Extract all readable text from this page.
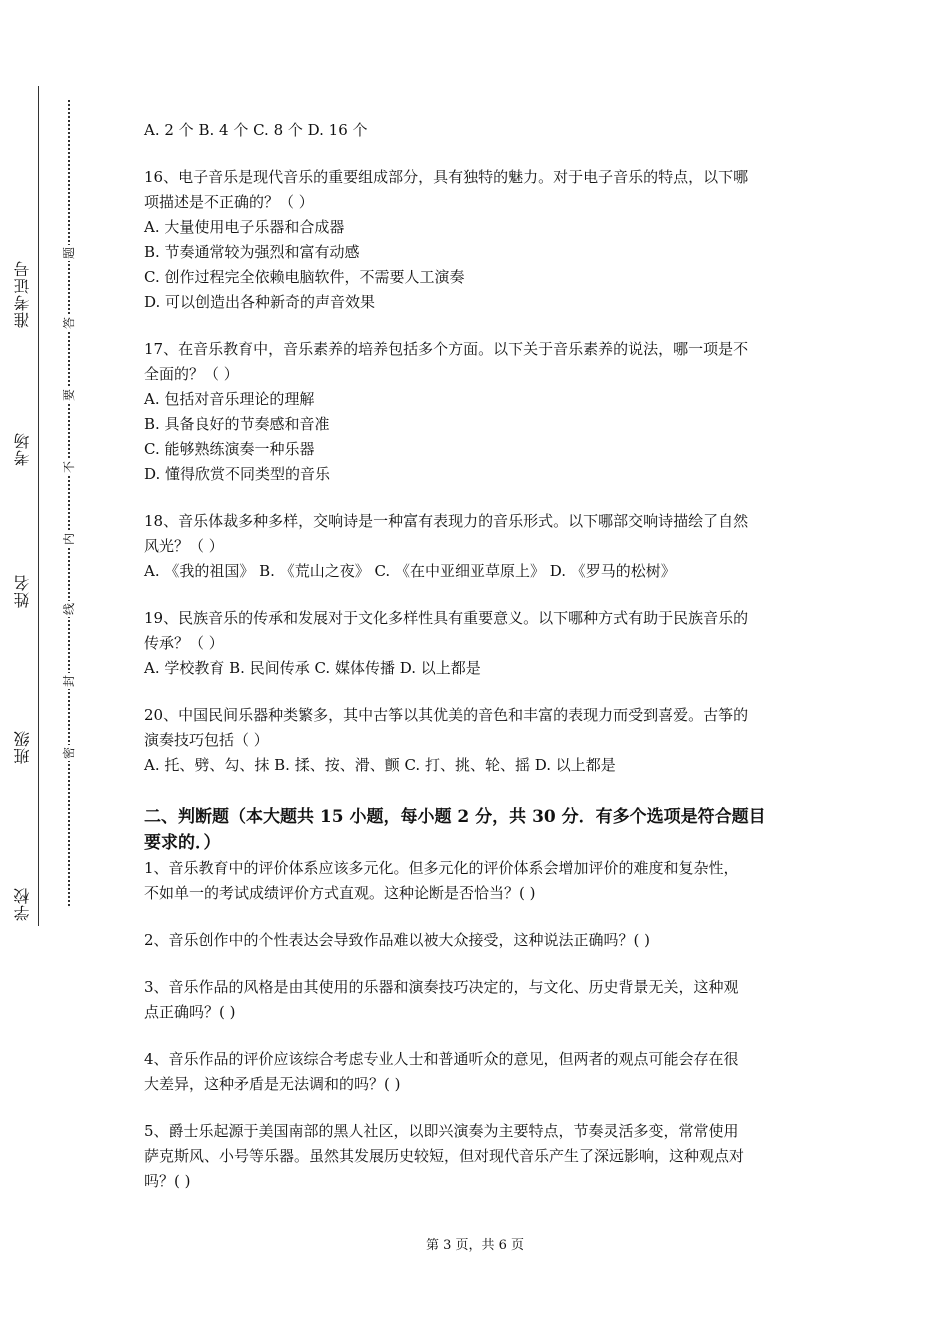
学校
班级
姓名
考场
准考证号
密
封
线
内
不
要
答
题
A. 2 个 B. 4 个 C. 8 个 D. 16 个
16、电子音乐是现代音乐的重要组成部分，具有独特的魅力。对于电子音乐的特点，以下哪
项描述是不正确的？（ ）
A. 大量使用电子乐器和合成器
B. 节奏通常较为强烈和富有动感
C. 创作过程完全依赖电脑软件，不需要人工演奏
D. 可以创造出各种新奇的声音效果
17、在音乐教育中，音乐素养的培养包括多个方面。以下关于音乐素养的说法，哪一项是不
全面的？（ ）
A. 包括对音乐理论的理解
B. 具备良好的节奏感和音准
C. 能够熟练演奏一种乐器
D. 懂得欣赏不同类型的音乐
18、音乐体裁多种多样，交响诗是一种富有表现力的音乐形式。以下哪部交响诗描绘了自然
风光？（ ）
A. 《我的祖国》 B. 《荒山之夜》 C. 《在中亚细亚草原上》 D. 《罗马的松树》
19、民族音乐的传承和发展对于文化多样性具有重要意义。以下哪种方式有助于民族音乐的
传承？（ ）
A. 学校教育 B. 民间传承 C. 媒体传播 D. 以上都是
20、中国民间乐器种类繁多，其中古筝以其优美的音色和丰富的表现力而受到喜爱。古筝的
演奏技巧包括（ ）
A. 托、劈、勾、抹 B. 揉、按、滑、颤 C. 打、挑、轮、摇 D. 以上都是
二、判断题（本大题共 15 小题，每小题 2 分，共 30 分．有多个选项是符合题目
要求的．）
1、音乐教育中的评价体系应该多元化。但多元化的评价体系会增加评价的难度和复杂性，
不如单一的考试成绩评价方式直观。这种论断是否恰当？( )
2、音乐创作中的个性表达会导致作品难以被大众接受，这种说法正确吗？( )
3、音乐作品的风格是由其使用的乐器和演奏技巧决定的，与文化、历史背景无关，这种观
点正确吗？( )
4、音乐作品的评价应该综合考虑专业人士和普通听众的意见，但两者的观点可能会存在很
大差异，这种矛盾是无法调和的吗？( )
5、爵士乐起源于美国南部的黑人社区，以即兴演奏为主要特点，节奏灵活多变，常常使用
萨克斯风、小号等乐器。虽然其发展历史较短，但对现代音乐产生了深远影响，这种观点对
吗？( )
第 3 页，共 6 页
